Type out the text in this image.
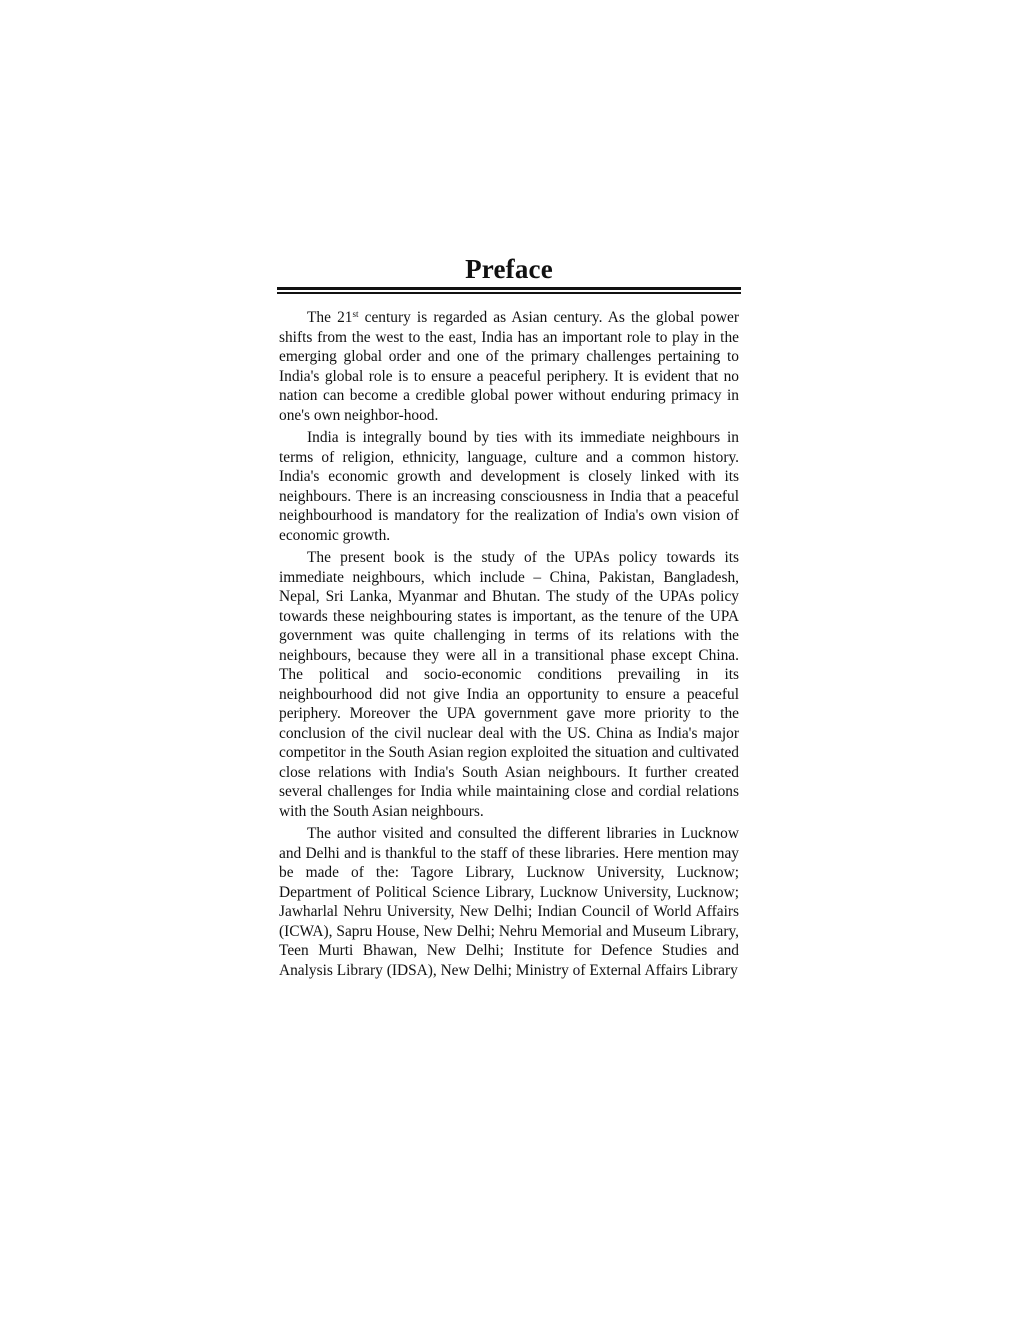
Preface

The 21st century is regarded as Asian century. As the global power shifts from the west to the east, India has an important role to play in the emerging global order and one of the primary challenges pertaining to India's global role is to ensure a peaceful periphery. It is evident that no nation can become a credible global power without enduring primacy in one's own neighbor-hood.

India is integrally bound by ties with its immediate neighbours in terms of religion, ethnicity, language, culture and a common history. India's economic growth and development is closely linked with its neighbours. There is an increasing consciousness in India that a peaceful neighbourhood is mandatory for the realization of India's own vision of economic growth.

The present book is the study of the UPAs policy towards its immediate neighbours, which include – China, Pakistan, Bangladesh, Nepal, Sri Lanka, Myanmar and Bhutan. The study of the UPAs policy towards these neighbouring states is important, as the tenure of the UPA government was quite challenging in terms of its relations with the neighbours, because they were all in a transitional phase except China. The political and socio-economic conditions prevailing in its neighbourhood did not give India an opportunity to ensure a peaceful periphery. Moreover the UPA government gave more priority to the conclusion of the civil nuclear deal with the US. China as India's major competitor in the South Asian region exploited the situation and cultivated close relations with India's South Asian neighbours. It further created several challenges for India while maintaining close and cordial relations with the South Asian neighbours.

The author visited and consulted the different libraries in Lucknow and Delhi and is thankful to the staff of these libraries. Here mention may be made of the: Tagore Library, Lucknow University, Lucknow; Department of Political Science Library, Lucknow University, Lucknow; Jawharlal Nehru University, New Delhi; Indian Council of World Affairs (ICWA), Sapru House, New Delhi; Nehru Memorial and Museum Library, Teen Murti Bhawan, New Delhi; Institute for Defence Studies and Analysis Library (IDSA), New Delhi; Ministry of External Affairs Library
